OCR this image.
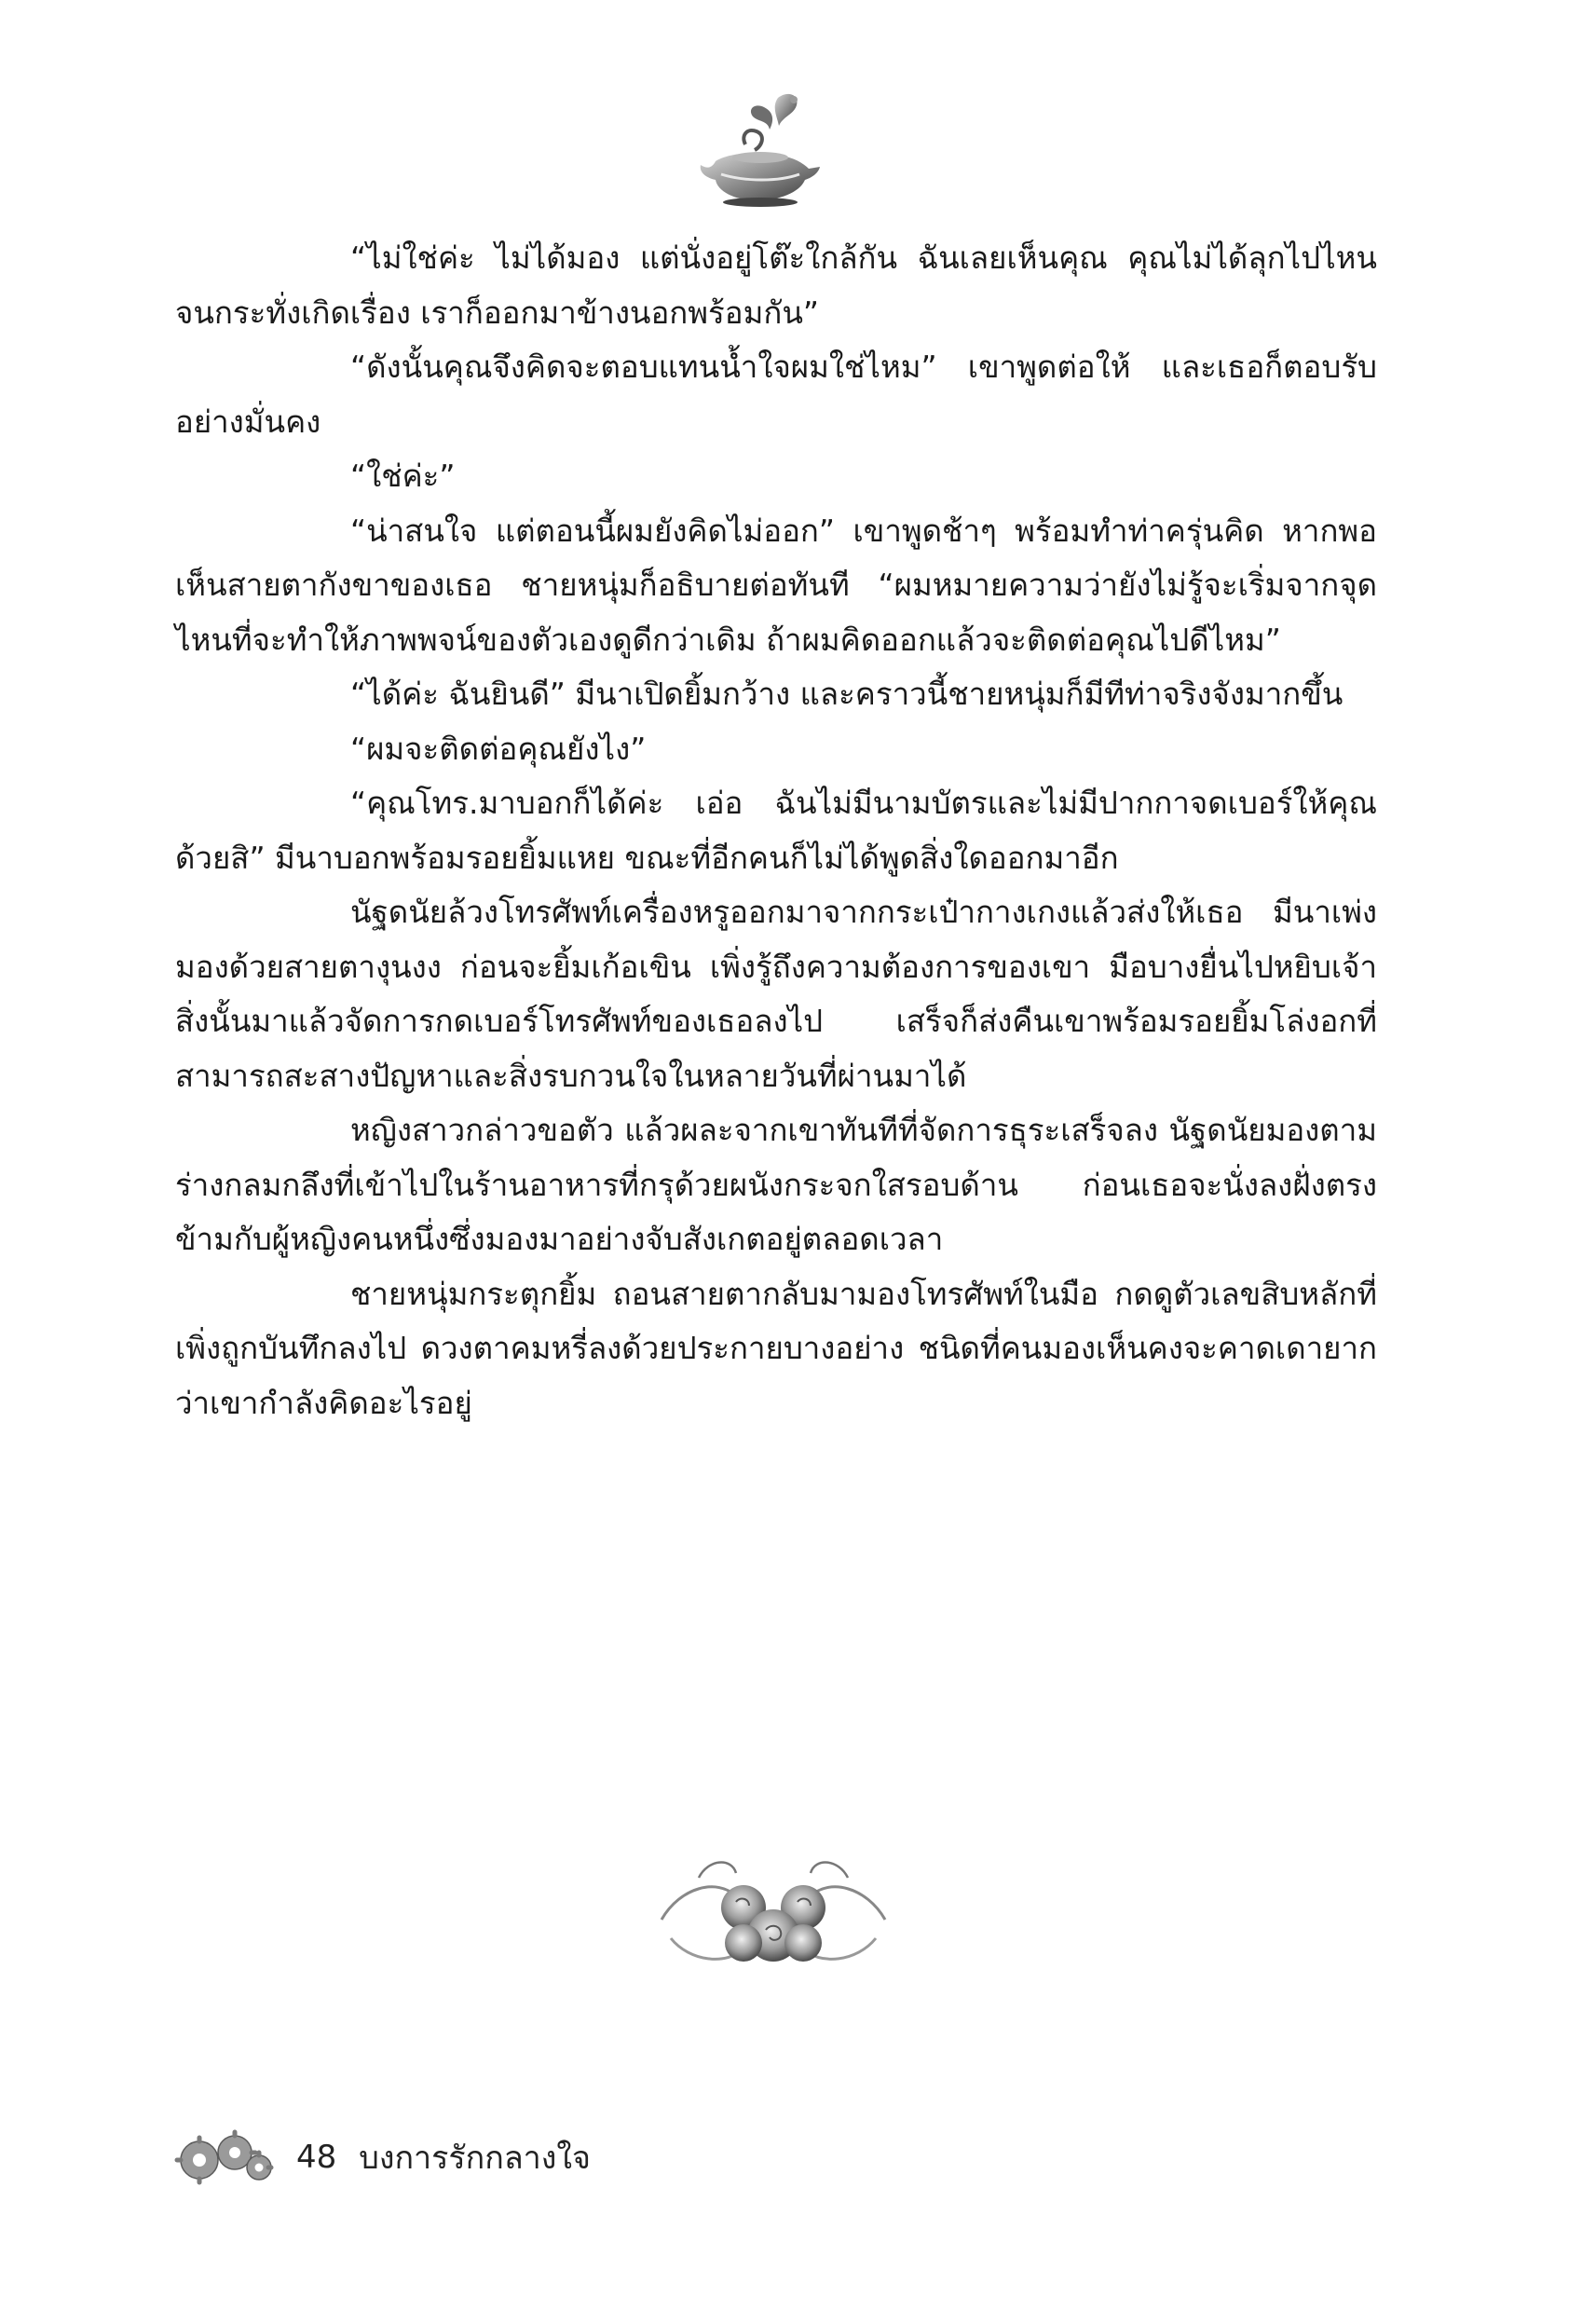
“ไม่ใช่ค่ะ ไม่ได้มอง แต่นั่งอยู่โต๊ะใกล้กัน ฉันเลยเห็นคุณ คุณไม่ได้ลุกไปไหน จนกระทั่งเกิดเรื่อง เราก็ออกมาข้างนอกพร้อมกัน”

“ดังนั้นคุณจึงคิดจะตอบแทนน้ำใจผมใช่ไหม” เขาพูดต่อให้ และเธอก็ตอบรับอย่างมั่นคง

“ใช่ค่ะ”

“น่าสนใจ แต่ตอนนี้ผมยังคิดไม่ออก” เขาพูดช้าๆ พร้อมทำท่าครุ่นคิด หากพอเห็นสายตากังขาของเธอ ชายหนุ่มก็อธิบายต่อทันที “ผมหมายความว่ายังไม่รู้จะเริ่มจากจุดไหนที่จะทำให้ภาพพจน์ของตัวเองดูดีกว่าเดิม ถ้าผมคิดออกแล้วจะติดต่อคุณไปดีไหม”

“ได้ค่ะ ฉันยินดี” มีนาเปิดยิ้มกว้าง และคราวนี้ชายหนุ่มก็มีทีท่าจริงจังมากขึ้น

“ผมจะติดต่อคุณยังไง”

“คุณโทร.มาบอกก็ได้ค่ะ เอ่อ ฉันไม่มีนามบัตรและไม่มีปากกาจดเบอร์ให้คุณด้วยสิ” มีนาบอกพร้อมรอยยิ้มแหย ขณะที่อีกคนก็ไม่ได้พูดสิ่งใดออกมาอีก

นัฐดนัยล้วงโทรศัพท์เครื่องหรูออกมาจากกระเป๋ากางเกงแล้วส่งให้เธอ มีนาเพ่งมองด้วยสายตางุนงง ก่อนจะยิ้มเก้อเขิน เพิ่งรู้ถึงความต้องการของเขา มือบางยื่นไปหยิบเจ้าสิ่งนั้นมาแล้วจัดการกดเบอร์โทรศัพท์ของเธอลงไป เสร็จก็ส่งคืนเขาพร้อมรอยยิ้มโล่งอกที่สามารถสะสางปัญหาและสิ่งรบกวนใจในหลายวันที่ผ่านมาได้

หญิงสาวกล่าวขอตัว แล้วผละจากเขาทันทีที่จัดการธุระเสร็จลง นัฐดนัยมองตามร่างกลมกลึงที่เข้าไปในร้านอาหารที่กรุด้วยผนังกระจกใสรอบด้าน ก่อนเธอจะนั่งลงฝั่งตรงข้ามกับผู้หญิงคนหนึ่งซึ่งมองมาอย่างจับสังเกตอยู่ตลอดเวลา

ชายหนุ่มกระตุกยิ้ม ถอนสายตากลับมามองโทรศัพท์ในมือ กดดูตัวเลขสิบหลักที่เพิ่งถูกบันทึกลงไป ดวงตาคมหรี่ลงด้วยประกายบางอย่าง ชนิดที่คนมองเห็นคงจะคาดเดายากว่าเขากำลังคิดอะไรอยู่

48 บงการรักกลางใจ
